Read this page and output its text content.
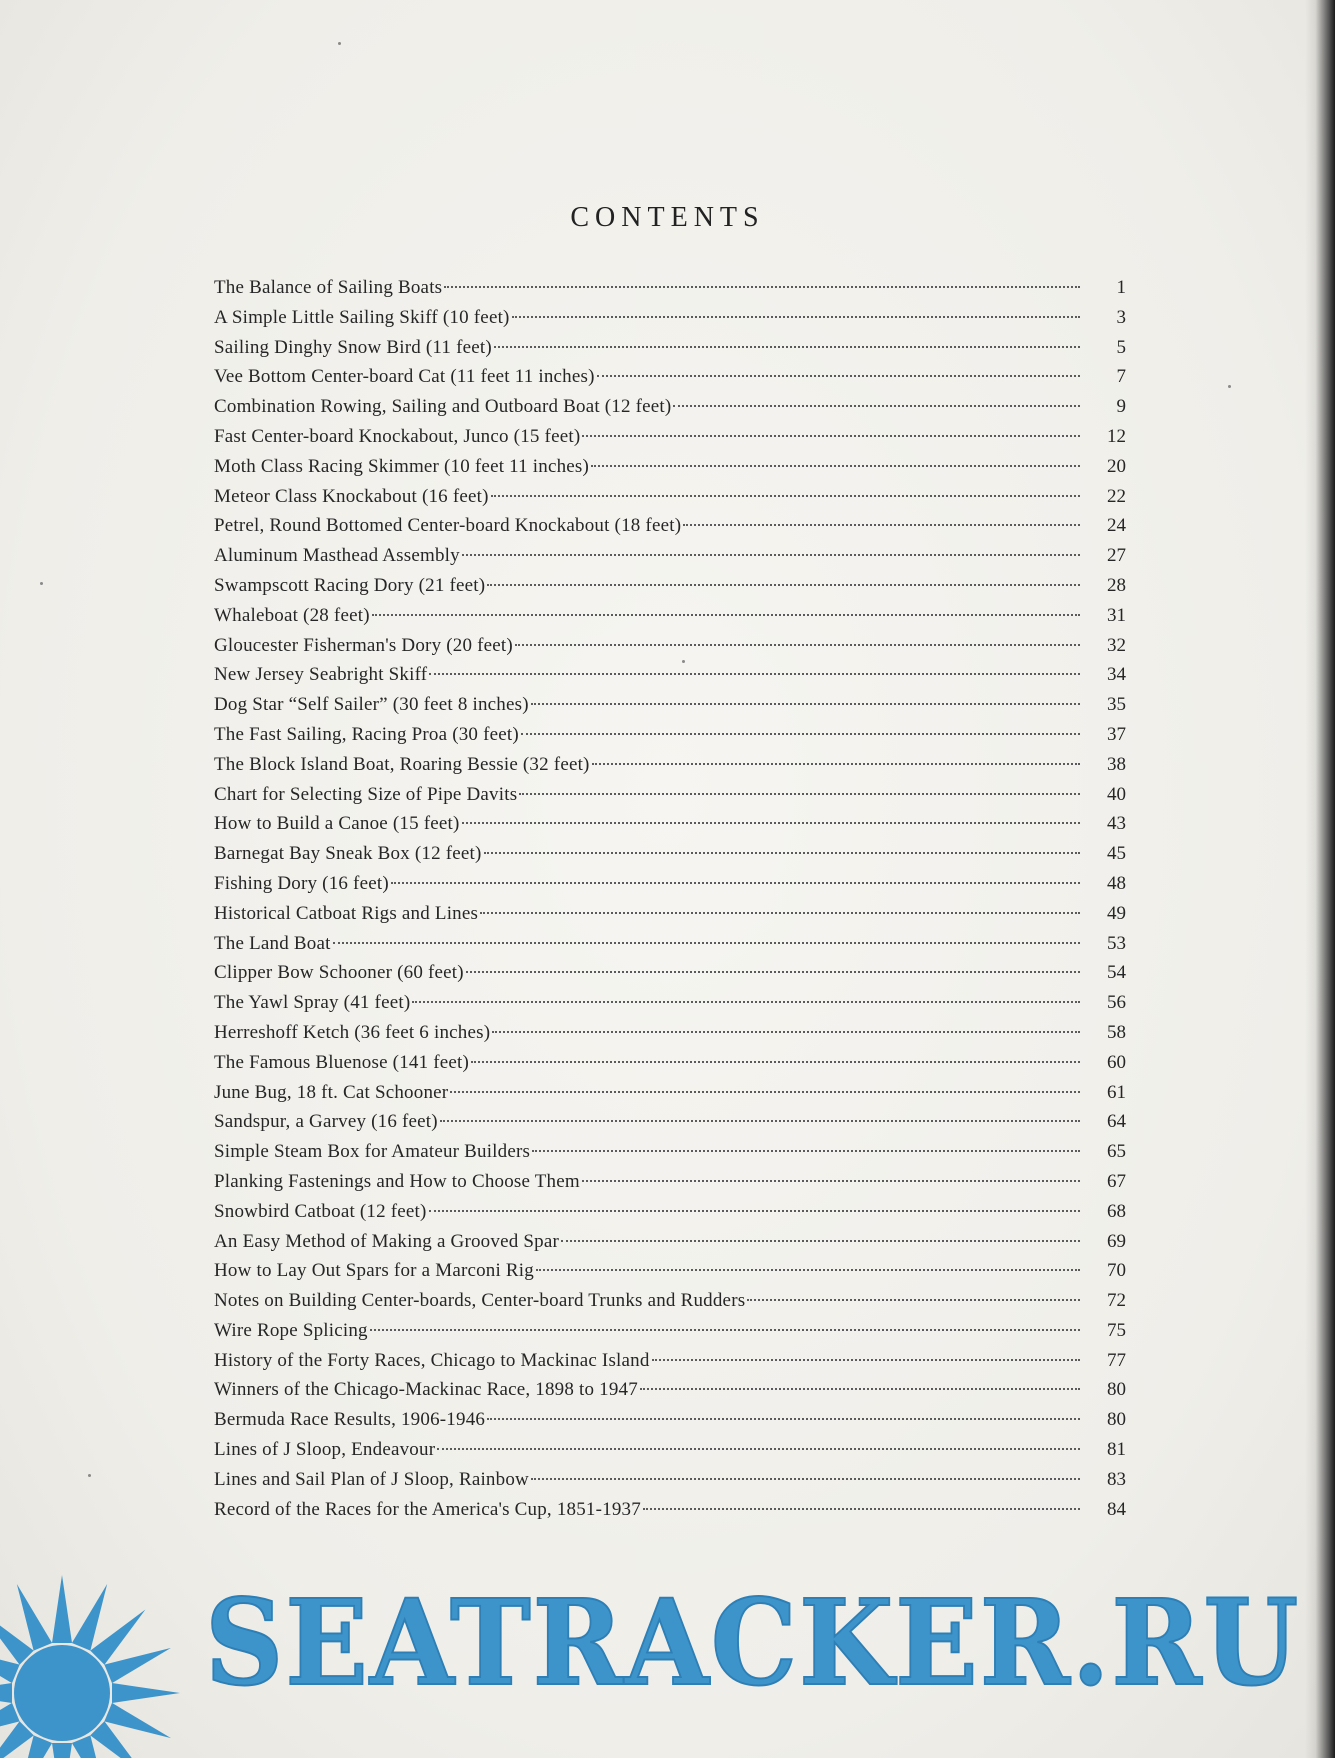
CONTENTS
The Balance of Sailing Boats	1
A Simple Little Sailing Skiff (10 feet)	3
Sailing Dinghy Snow Bird (11 feet)	5
Vee Bottom Center-board Cat (11 feet 11 inches)	7
Combination Rowing, Sailing and Outboard Boat (12 feet)	9
Fast Center-board Knockabout, Junco (15 feet)	12
Moth Class Racing Skimmer (10 feet 11 inches)	20
Meteor Class Knockabout (16 feet)	22
Petrel, Round Bottomed Center-board Knockabout (18 feet)	24
Aluminum Masthead Assembly	27
Swampscott Racing Dory (21 feet)	28
Whaleboat (28 feet)	31
Gloucester Fisherman's Dory (20 feet)	32
New Jersey Seabright Skiff	34
Dog Star “Self Sailer” (30 feet 8 inches)	35
The Fast Sailing, Racing Proa (30 feet)	37
The Block Island Boat, Roaring Bessie (32 feet)	38
Chart for Selecting Size of Pipe Davits	40
How to Build a Canoe (15 feet)	43
Barnegat Bay Sneak Box (12 feet)	45
Fishing Dory (16 feet)	48
Historical Catboat Rigs and Lines	49
The Land Boat	53
Clipper Bow Schooner (60 feet)	54
The Yawl Spray (41 feet)	56
Herreshoff Ketch (36 feet 6 inches)	58
The Famous Bluenose (141 feet)	60
June Bug, 18 ft. Cat Schooner	61
Sandspur, a Garvey (16 feet)	64
Simple Steam Box for Amateur Builders	65
Planking Fastenings and How to Choose Them	67
Snowbird Catboat (12 feet)	68
An Easy Method of Making a Grooved Spar	69
How to Lay Out Spars for a Marconi Rig	70
Notes on Building Center-boards, Center-board Trunks and Rudders	72
Wire Rope Splicing	75
History of the Forty Races, Chicago to Mackinac Island	77
Winners of the Chicago-Mackinac Race, 1898 to 1947	80
Bermuda Race Results, 1906-1946	80
Lines of J Sloop, Endeavour	81
Lines and Sail Plan of J Sloop, Rainbow	83
Record of the Races for the America's Cup, 1851-1937	84
SEATRACKER.RU
